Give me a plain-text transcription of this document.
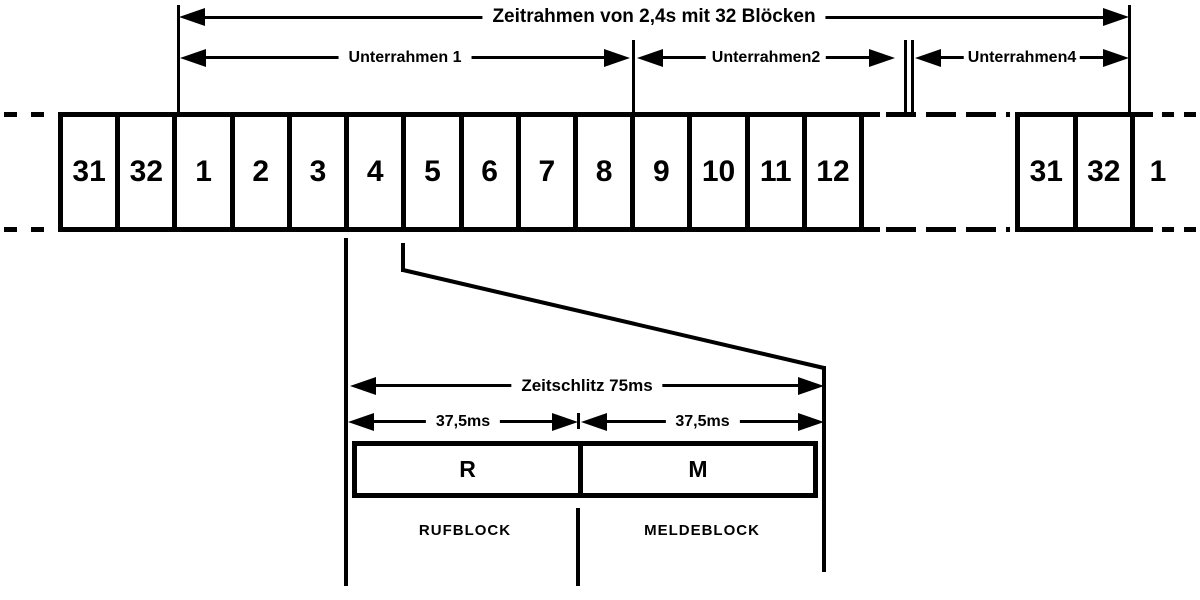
Zeitrahmen von 2,4s mit 32 Blöcken
Unterrahmen 1	Unterrahmen2	Unterrahmen4
31 32	1	2	3	4	5	6	7	8	9	10 11 12	31 32 1
Zeitschlitz 75ms
37,5ms	37,5ms
R	M
RUFBLOCK	MELDEBLOCK
